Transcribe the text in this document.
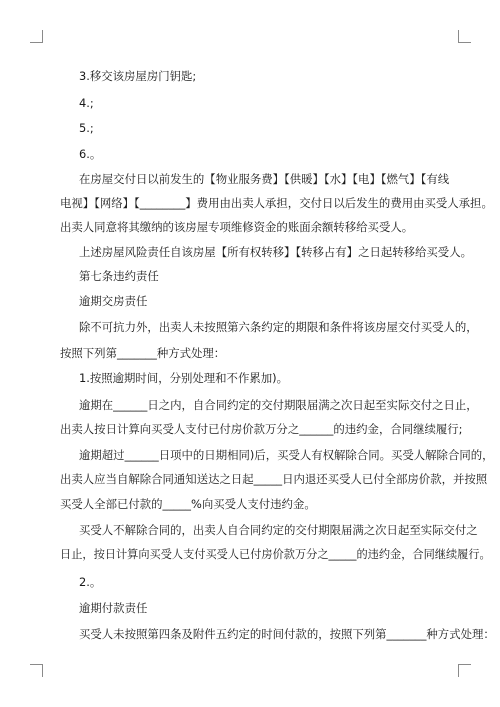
3.移交该房屋房门钥匙;
4.;
5.;
6.。
在房屋交付日以前发生的【物业服务费】【供暖】【水】【电】【燃气】【有线
电视】【网络】【________】费用由出卖人承担，交付日以后发生的费用由买受人承担。
出卖人同意将其缴纳的该房屋专项维修资金的账面余额转移给买受人。
上述房屋风险责任自该房屋【所有权转移】【转移占有】之日起转移给买受人。
第七条违约责任
逾期交房责任
除不可抗力外，出卖人未按照第六条约定的期限和条件将该房屋交付买受人的，
按照下列第_______种方式处理：
1.按照逾期时间，分别处理和不作累加)。
逾期在______日之内，自合同约定的交付期限届满之次日起至实际交付之日止，
出卖人按日计算向买受人支付已付房价款万分之______的违约金，合同继续履行;
逾期超过______日项中的日期相同)后，买受人有权解除合同。买受人解除合同的，
出卖人应当自解除合同通知送达之日起_____日内退还买受人已付全部房价款，并按照
买受人全部已付款的_____%向买受人支付违约金。
买受人不解除合同的，出卖人自合同约定的交付期限届满之次日起至实际交付之
日止，按日计算向买受人支付买受人已付房价款万分之_____的违约金，合同继续履行。
2.。
逾期付款责任
买受人未按照第四条及附件五约定的时间付款的，按照下列第_______种方式处理：
